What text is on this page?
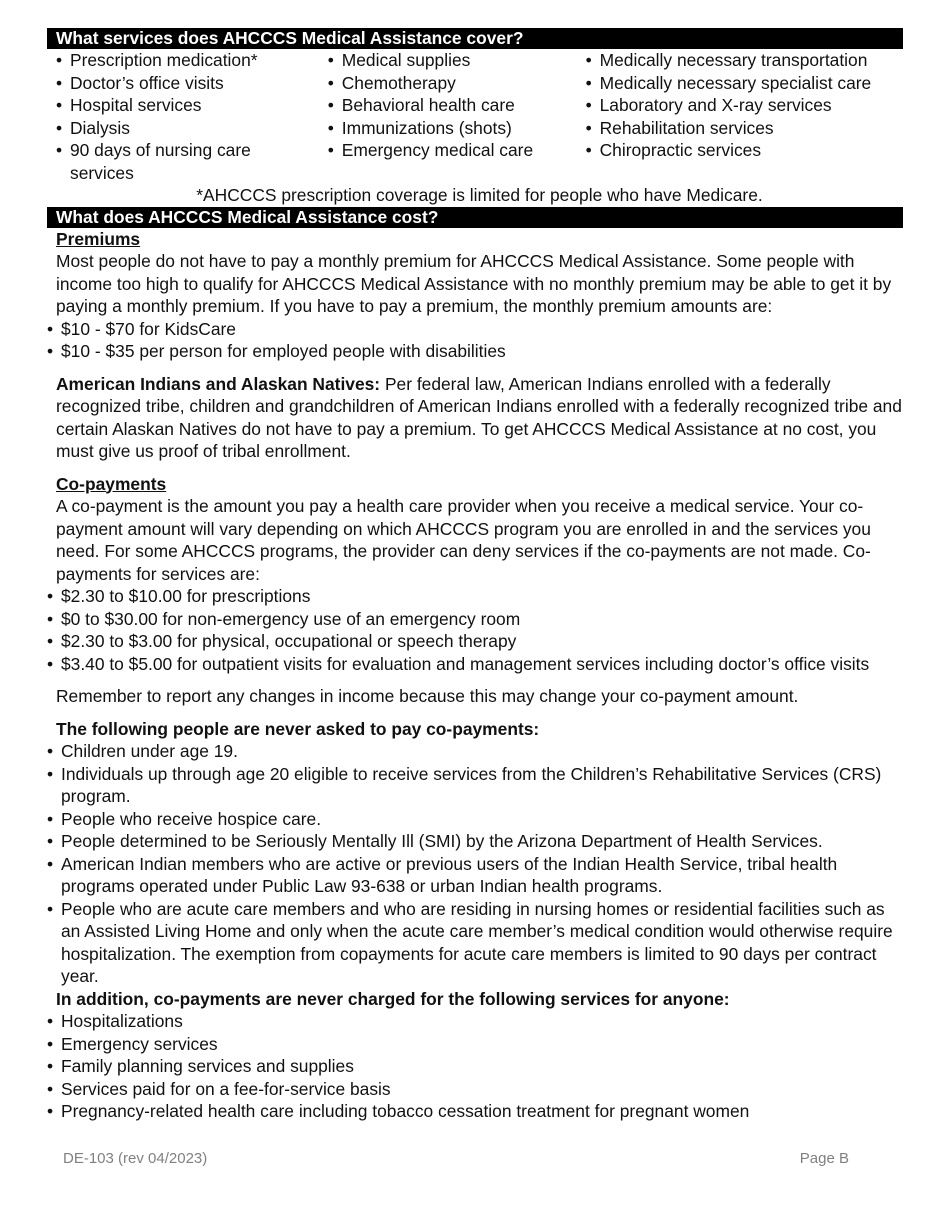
What services does AHCCCS Medical Assistance cover?
• Prescription medication*
• Doctor’s office visits
• Hospital services
• Dialysis
• 90 days of nursing care services
• Medical supplies
• Chemotherapy
• Behavioral health care
• Immunizations (shots)
• Emergency medical care
• Medically necessary transportation
• Medically necessary specialist care
• Laboratory and X-ray services
• Rehabilitation services
• Chiropractic services

*AHCCCS prescription coverage is limited for people who have Medicare.

What does AHCCCS Medical Assistance cost?
Premiums

Most people do not have to pay a monthly premium for AHCCCS Medical Assistance. Some people with income too high to qualify for AHCCCS Medical Assistance with no monthly premium may be able to get it by paying a monthly premium. If you have to pay a premium, the monthly premium amounts are:

• $10 - $70 for KidsCare
• $10 - $35 per person for employed people with disabilities

American Indians and Alaskan Natives: Per federal law, American Indians enrolled with a federally recognized tribe, children and grandchildren of American Indians enrolled with a federally recognized tribe and certain Alaskan Natives do not have to pay a premium. To get AHCCCS Medical Assistance at no cost, you must give us proof of tribal enrollment.

Co-payments

A co-payment is the amount you pay a health care provider when you receive a medical service. Your co-payment amount will vary depending on which AHCCCS program you are enrolled in and the services you need. For some AHCCCS programs, the provider can deny services if the co-payments are not made. Co-payments for services are:

• $2.30 to $10.00 for prescriptions
• $0 to $30.00 for non-emergency use of an emergency room
• $2.30 to $3.00 for physical, occupational or speech therapy
• $3.40 to $5.00 for outpatient visits for evaluation and management services including doctor’s office visits

Remember to report any changes in income because this may change your co-payment amount.

The following people are never asked to pay co-payments:

• Children under age 19.
• Individuals up through age 20 eligible to receive services from the Children’s Rehabilitative Services (CRS) program.
• People who receive hospice care.
• People determined to be Seriously Mentally Ill (SMI) by the Arizona Department of Health Services.
• American Indian members who are active or previous users of the Indian Health Service, tribal health programs operated under Public Law 93-638 or urban Indian health programs.
• People who are acute care members and who are residing in nursing homes or residential facilities such as an Assisted Living Home and only when the acute care member’s medical condition would otherwise require hospitalization. The exemption from copayments for acute care members is limited to 90 days per contract year.

In addition, co-payments are never charged for the following services for anyone:

• Hospitalizations
• Emergency services
• Family planning services and supplies
• Services paid for on a fee-for-service basis
• Pregnancy-related health care including tobacco cessation treatment for pregnant women
DE-103 (rev 04/2023)	Page B
